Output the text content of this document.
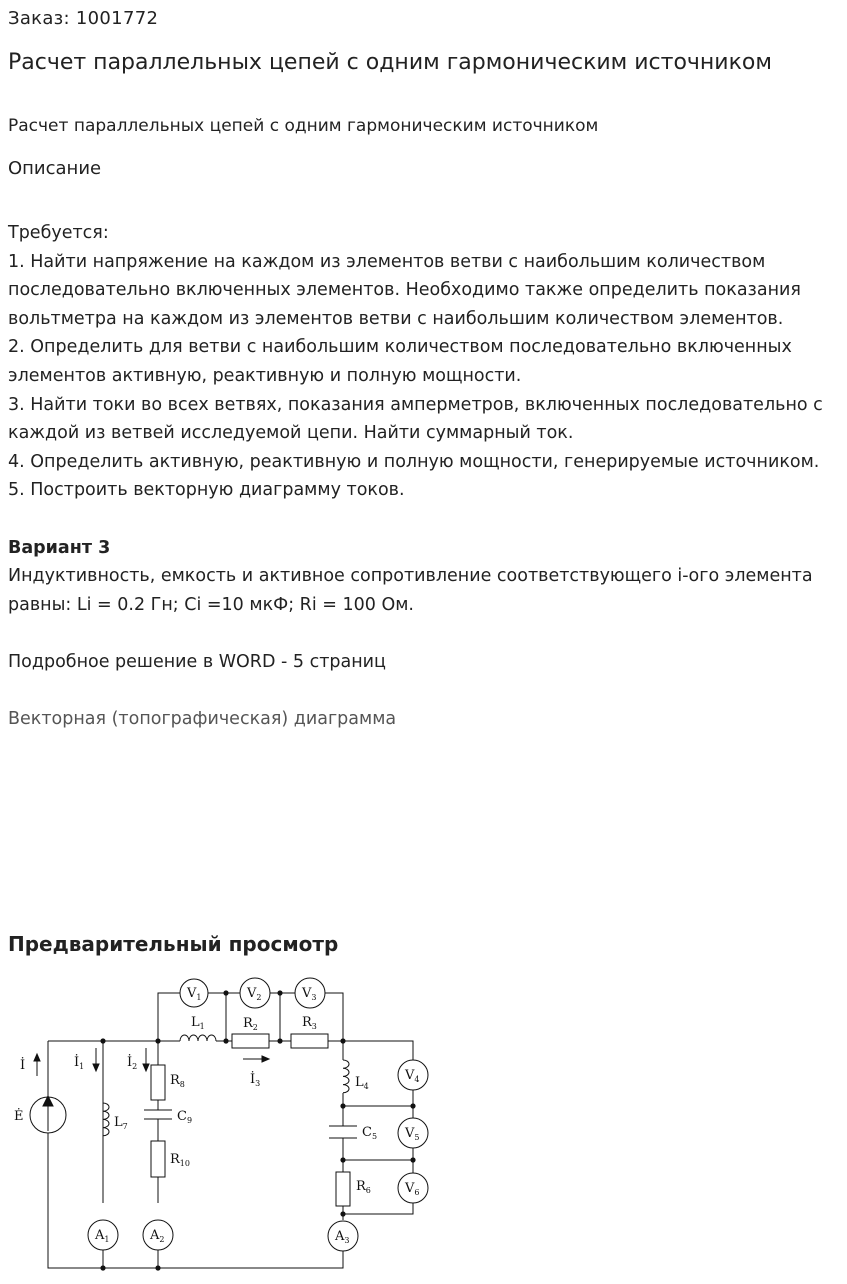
Заказ: 1001772
Расчет параллельных цепей с одним гармоническим источником
Расчет параллельных цепей с одним гармоническим источником
Описание

Требуется:

1. Найти напряжение на каждом из элементов ветви с наибольшим количеством последовательно включенных элементов. Необходимо также определить показания вольтметра на каждом из элементов ветви с наибольшим количеством элементов.

2. Определить для ветви с наибольшим количеством последовательно включенных элементов активную, реактивную и полную мощности.

3. Найти токи во всех ветвях, показания амперметров, включенных последовательно с каждой из ветвей исследуемой цепи. Найти суммарный ток.

4. Определить активную, реактивную и полную мощности, генерируемые источником.

5. Построить векторную диаграмму токов.

Вариант 3

Индуктивность, емкость и активное сопротивление соответствующего i-ого элемента равны: Li = 0.2 Гн; Ci =10 мкФ; Ri = 100 Ом.

Подробное решение в WORD - 5 страниц

Векторная (топографическая) диаграмма

Предварительный просмотр
$V_1$	$V_2$	$V_3$
$V_4$
$V_5$
$V_6$
$A_1$	$A_2$	$A_3$
$L_1$	$R_2$	$R_3$
$L_4$
$C_5$
$R_6$
$R_8$
$C_9$
$R_{10}$
$L_7$
İ	$İ_1$	$İ_2$
$İ_3$
Ė
